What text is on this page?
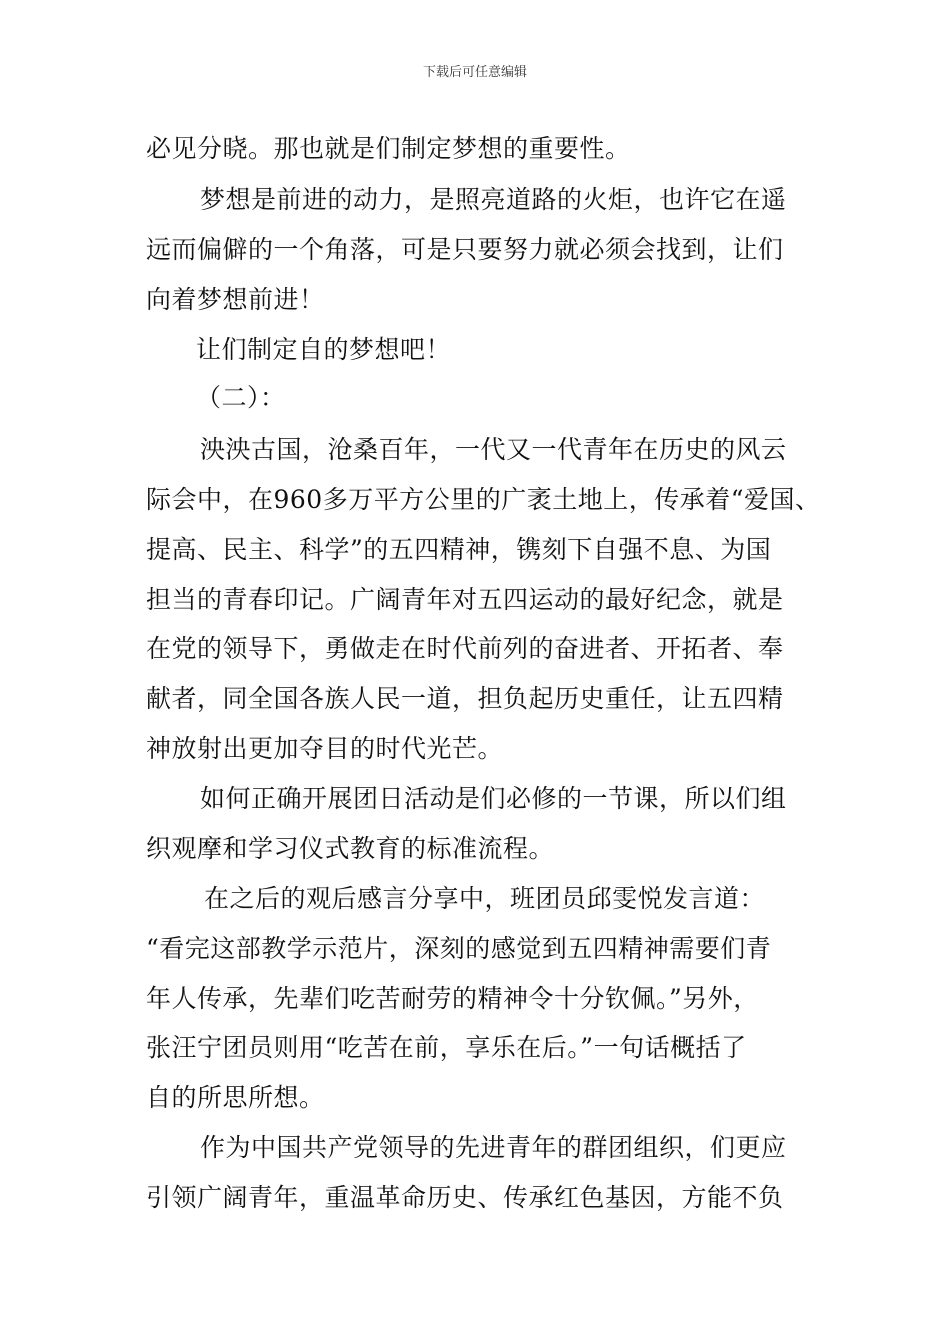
下载后可任意编辑
必见分晓。那也就是们制定梦想的重要性。
梦想是前进的动力，是照亮道路的火炬，也许它在遥
远而偏僻的一个角落，可是只要努力就必须会找到，让们
向着梦想前进！
让们制定自的梦想吧！
（二）：
泱泱古国，沧桑百年，一代又一代青年在历史的风云
际会中，在960多万平方公里的广袤土地上，传承着“爱国、
提高、民主、科学”的五四精神，镌刻下自强不息、为国
担当的青春印记。广阔青年对五四运动的最好纪念，就是
在党的领导下，勇做走在时代前列的奋进者、开拓者、奉
献者，同全国各族人民一道，担负起历史重任，让五四精
神放射出更加夺目的时代光芒。
如何正确开展团日活动是们必修的一节课，所以们组
织观摩和学习仪式教育的标准流程。
在之后的观后感言分享中，班团员邱雯悦发言道：
“看完这部教学示范片，深刻的感觉到五四精神需要们青
年人传承，先辈们吃苦耐劳的精神令十分钦佩。”另外，
张汪宁团员则用“吃苦在前，享乐在后。”一句话概括了
自的所思所想。
作为中国共产党领导的先进青年的群团组织，们更应
引领广阔青年，重温革命历史、传承红色基因，方能不负
